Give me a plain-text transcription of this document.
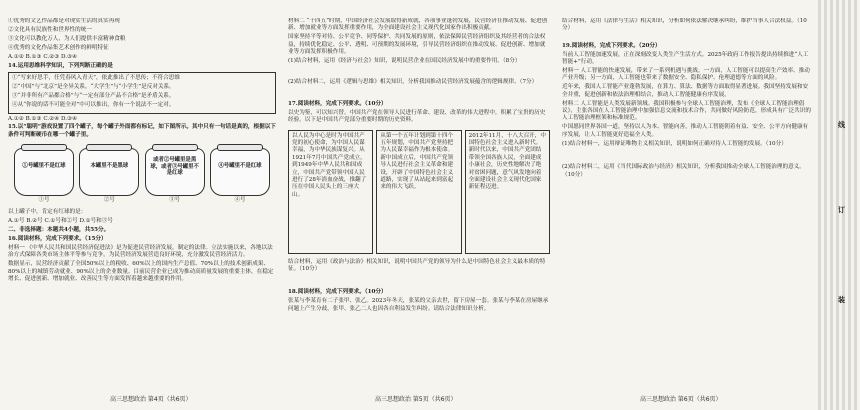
①优秀的文艺作品都是对现实生活的真实再现

②文化具有民族性和世界性的统一

③文化可以教化万人，为人们提供丰富精神食粮

④优秀的文化作品集艺术创作的鲜明特征

A.①② B.①③ C.②③ D.③④

14.运用思维科学知识，下列判断正确的是

①“写来好思手，任凭春风入青天”，依此推出了不思传；不符合思维

②“中国”与“北京”是全异关系，“大学生”与“小学生”是反对关系。

③“并非所有产品都合格”与“一定有部分产品不合格”是矛盾关系。

④从“你说的话不可能全对”中可以推出，你有一个说法不一定对。

A.①② B.①③ C.②④ D.③④

15.以“聪明”游戏设置了四个罐子，每个罐子外面都有标记，如下图所示。其中只有一句话是真的，根据以下条件可判断硬币在哪一个罐子里。

①号罐里不是红球
①号
本罐里不是黑球
②号
或者②号罐里是黑球，或者③号罐里不是红球
③号
④号罐里不是红球
④号

以上罐子中，肯定有红球的是：

A.①号 B.②号 C.①号和②号 D.①号和③号

二、非选择题：本题共4小题，共55分。

16.阅读材料，完成下列要求。（15分）

材料一 《中华人民共和国民营经济促进法》是为促进民营经济发展，制定的法律。立法实施以来，各地以法治方式保障各类市场主体平等参与竞争，为民营经济发展营造良好环境，充分激发民营经济活力。

数据显示，民营经济贡献了全国50%以上的税收、60%以上的国内生产总值、70%以上的技术创新成果、80%以上的城镇劳动就业、90%以上的企业数量。目前民营企业已成为推动高质量发展的重要主体，在稳定增长、促进创新、增加就业、改善民生等方面发挥着越来越重要的作用。

材料二 “十四五”时期，中国经济社会发展取得新成就，各项事业蓬勃发展，民营经济在推动发展、促进创新、增加就业等方面发挥重要作用，为全面建设社会主义现代化国家作出积极贡献。

国家坚持平等对待、公平竞争、同等保护、共同发展的原则，依法保障民营经济组织及其经营者的合法权益，持续优化稳定、公平、透明、可预期的发展环境，引导民营经济组织在推动发展、促进创新、增加就业等方面发挥积极作用。

(1)结合材料，运用《经济与社会》知识，说明民营企业在国民经济发展中的重要作用。（8分）

(2)结合材料二，运用《逻辑与思维》相关知识，分析我国推动民营经济发展蕴含的逻辑规律。（7分）

17.阅读材料，完成下列要求。（10分）

以史为鉴，可以知兴替。中国共产党在领导人民进行革命、建设、改革的伟大进程中，积累了宝贵的历史经验。以下是中国共产党部分重要时期的历史资料。

以人民为中心是时为中国共产党的初心使命，为中国人民谋幸福，为中华民族谋复兴。从1921年7月中国共产党成立，到1949年中华人民共和国成立，中国共产党带领中国人民进行了28年浴血奋战，推翻了压在中国人民头上的三座大山。
从第一个五年计划到第十四个五年规划，中国共产党坚持把为人民谋幸福作为根本使命。新中国成立后，中国共产党领导人民进行社会主义革命和建设，开辟了中国特色社会主义道路，实现了从站起来到富起来的伟大飞跃。
2012年11月，十八大召开，中国特色社会主义进入新时代。新时代以来，中国共产党团结带领全国各族人民，全面建成小康社会，历史性地解决了绝对贫困问题，意气风发地向着全面建设社会主义现代化国家新征程迈进。

结合材料，运用《政治与法治》相关知识，说明中国共产党的领导为什么是中国特色社会主义最本质的特征。（10分）

18.阅读材料，完成下列要求。（10分）

张某与李某育有二子张甲、张乙。2023年冬天，张某的父亲去世，留下房屋一套。张某与李某在房屋继承问题上产生分歧，张甲、张乙二人也因各自利益发生纠纷。请结合法律知识分析。

结合材料，运用《法律与生活》相关知识，分析如何依法解决继承纠纷，维护当事人合法权益。（10分）

19.阅读材料，完成下列要求。（20分）

当前人工智能加速发展，正在深刻改变人类生产生活方式。2025年政府工作报告提出持续推进“人工智能+”行动。

材料一 人工智能的快速发展，带来了一系列机遇与挑战。一方面，人工智能可以提高生产效率、推动产业升级；另一方面，人工智能也带来了数据安全、隐私保护、伦理道德等方面的风险。

近年来，我国人工智能产业蓬勃发展，在算力、算法、数据等方面取得显著进展。我国坚持发展和安全并重，促进创新和依法治理相结合，推动人工智能健康有序发展。

材料二 人工智能是人类发展新领域。我国积极参与全球人工智能治理，发布《全球人工智能治理倡议》，主张各国在人工智能治理中加强信息交流和技术合作，共同做好风险防范，形成具有广泛共识的人工智能治理框架和标准规范。

中国愿同世界各国一道，坚持以人为本、智能向善，推动人工智能朝着有益、安全、公平方向健康有序发展，让人工智能更好造福全人类。

(1)结合材料一，运用辩证唯物主义相关知识，说明如何正确对待人工智能的发展。（10分）

(2)结合材料二，运用《当代国际政治与经济》相关知识，分析我国推动全球人工智能治理的意义。（10分）

高三思想政治 第4页（共6页）	高三思想政治 第5页（共6页）	高三思想政治 第6页（共6页）
线
订
装
